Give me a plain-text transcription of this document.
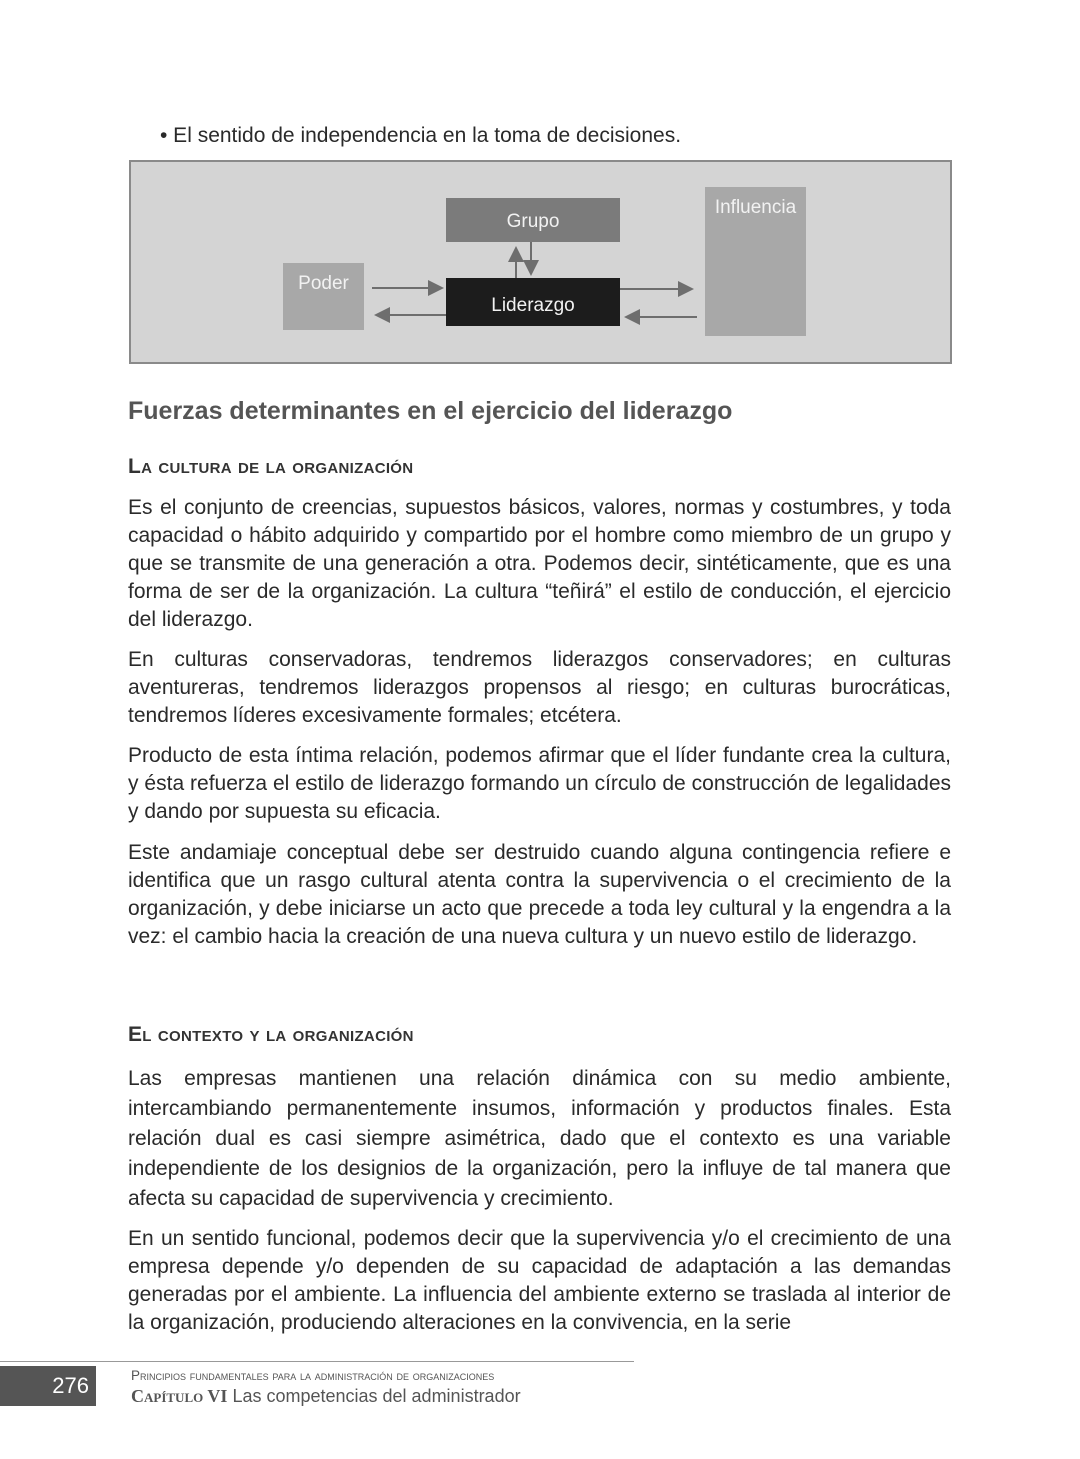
• El sentido de independencia en la toma de decisiones.
Grupo
Poder
Liderazgo
Influencia
Fuerzas determinantes en el ejercicio del liderazgo
La cultura de la organización
Es el conjunto de creencias, supuestos básicos, valores, normas y costumbres, y toda capacidad o hábito adquirido y compartido por el hombre como miembro de un grupo y que se transmite de una generación a otra. Podemos decir, sintéticamente, que es una forma de ser de la organización. La cultura “teñirá” el estilo de conducción, el ejercicio del liderazgo.
En culturas conservadoras, tendremos liderazgos conservadores; en culturas aventureras, tendremos liderazgos propensos al riesgo; en culturas burocráticas, tendremos líderes excesivamente formales; etcétera.
Producto de esta íntima relación, podemos afirmar que el líder fundante crea la cultura, y ésta refuerza el estilo de liderazgo formando un círculo de construcción de legalidades y dando por supuesta su eficacia.
Este andamiaje conceptual debe ser destruido cuando alguna contingencia refiere e identifica que un rasgo cultural atenta contra la supervivencia o el crecimiento de la organización, y debe iniciarse un acto que precede a toda ley cultural y la engendra a la vez: el cambio hacia la creación de una nueva cultura y un nuevo estilo de liderazgo.
El contexto y la organización
Las empresas mantienen una relación dinámica con su medio ambiente, intercambiando permanentemente insumos, información y productos finales. Esta relación dual es casi siempre asimétrica, dado que el contexto es una variable independiente de los designios de la organización, pero la influye de tal manera que afecta su capacidad de supervivencia y crecimiento.
En un sentido funcional, podemos decir que la supervivencia y/o el crecimiento de una empresa depende y/o dependen de su capacidad de adaptación a las demandas generadas por el ambiente. La influencia del ambiente externo se traslada al interior de la organización, produciendo alteraciones en la convivencia, en la serie
276	Principios fundamentales para la administración de organizaciones
Capítulo VI Las competencias del administrador
